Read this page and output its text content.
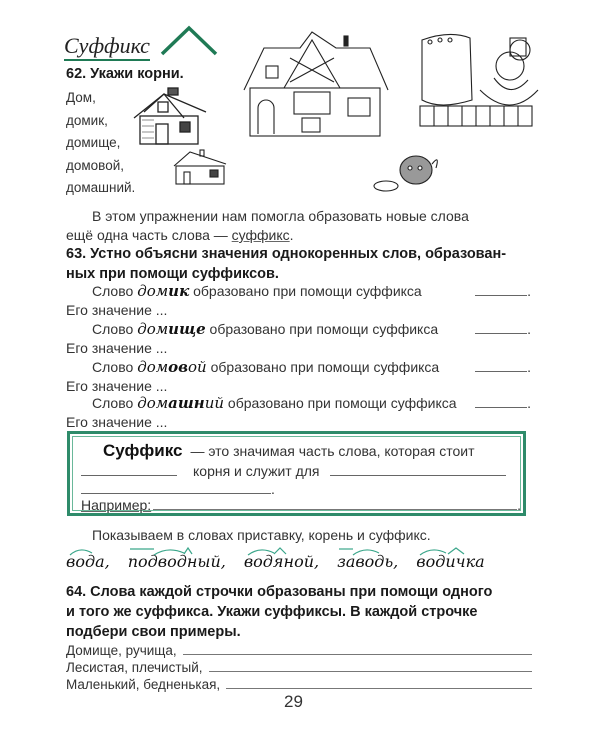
Суффикс
62. Укажи корни.
Дом,
домик,
домище,
домовой,
домашний.
В этом упражнении нам помогла образовать новые слова
ещё одна часть слова — суффикс.
63. Устно объясни значения однокоренных слов, образован-
ных при помощи суффиксов.
Слово
домик
образовано при помощи суффикса	.
Его значение ...
Слово
домище
образовано при помощи суффикса	.
Его значение ...
Слово
домовой
образовано при помощи суффикса	.
Его значение ...
Слово
домашний
образовано при помощи суффикса	.
Его значение ...
Суффикс — это значимая часть слова, которая стоит
корня и служит для
.
Например:	.
Показываем в словах приставку, корень и суффикс.
вода, подводный, водяной, заводь, водичка
64. Слова каждой строчки образованы при помощи одного
и того же суффикса. Укажи суффиксы. В каждой строчке
подбери свои примеры.
Домище, ручища,
Лесистая, плечистый,
Маленький, бедненькая,
29
